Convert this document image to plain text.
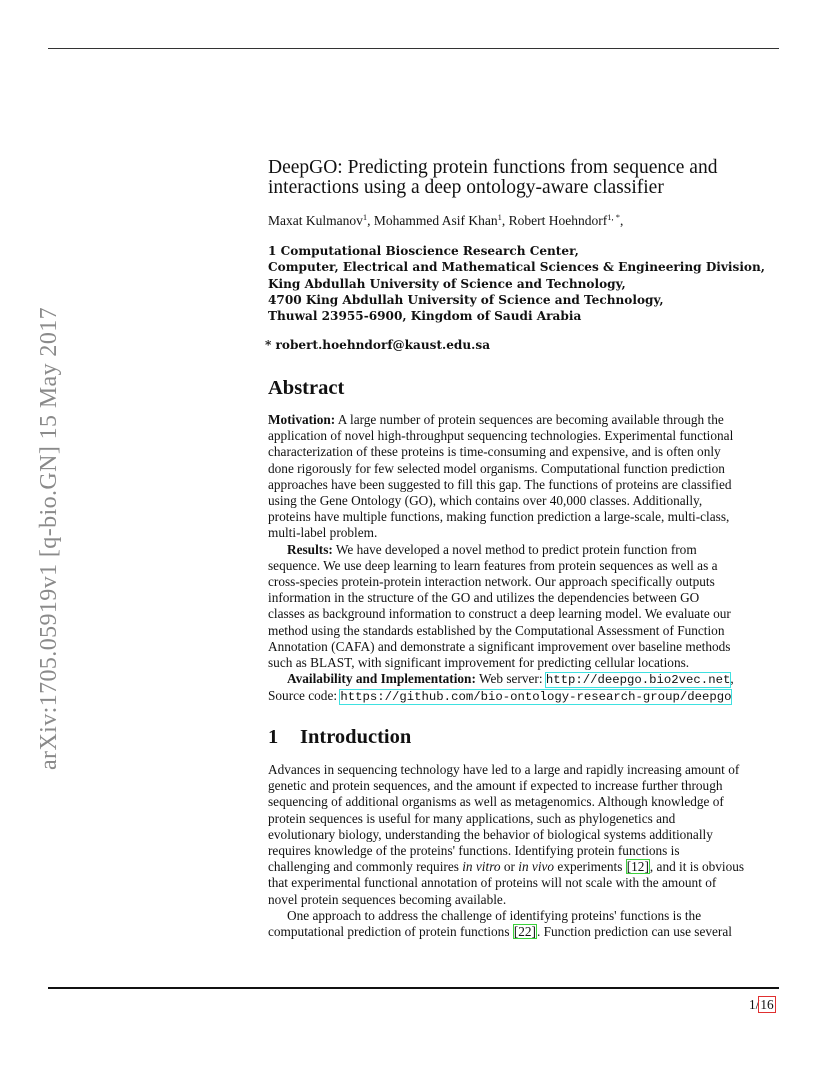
arXiv:1705.05919v1 [q-bio.GN] 15 May 2017
DeepGO: Predicting protein functions from sequence and
interactions using a deep ontology-aware classifier
Maxat Kulmanov$^1$, Mohammed Asif Khan$^1$, Robert Hoehndorf$^{1, *}$,
1 Computational Bioscience Research Center,
Computer, Electrical and Mathematical Sciences & Engineering Division,
King Abdullah University of Science and Technology,
4700 King Abdullah University of Science and Technology,
Thuwal 23955-6900, Kingdom of Saudi Arabia
* robert.hoehndorf@kaust.edu.sa
Abstract
Motivation: A large number of protein sequences are becoming available through the
application of novel high-throughput sequencing technologies. Experimental functional
characterization of these proteins is time-consuming and expensive, and is often only
done rigorously for few selected model organisms. Computational function prediction
approaches have been suggested to fill this gap. The functions of proteins are classified
using the Gene Ontology (GO), which contains over 40,000 classes. Additionally,
proteins have multiple functions, making function prediction a large-scale, multi-class,
multi-label problem.
Results: We have developed a novel method to predict protein function from
sequence. We use deep learning to learn features from protein sequences as well as a
cross-species protein-protein interaction network. Our approach specifically outputs
information in the structure of the GO and utilizes the dependencies between GO
classes as background information to construct a deep learning model. We evaluate our
method using the standards established by the Computational Assessment of Function
Annotation (CAFA) and demonstrate a significant improvement over baseline methods
such as BLAST, with significant improvement for predicting cellular locations.
Availability and Implementation: Web server: http://deepgo.bio2vec.net,
Source code: https://github.com/bio-ontology-research-group/deepgo
1 Introduction
Advances in sequencing technology have led to a large and rapidly increasing amount of
genetic and protein sequences, and the amount if expected to increase further through
sequencing of additional organisms as well as metagenomics. Although knowledge of
protein sequences is useful for many applications, such as phylogenetics and
evolutionary biology, understanding the behavior of biological systems additionally
requires knowledge of the proteins' functions. Identifying protein functions is
challenging and commonly requires in vitro or in vivo experiments [12], and it is obvious
that experimental functional annotation of proteins will not scale with the amount of
novel protein sequences becoming available.
One approach to address the challenge of identifying proteins' functions is the
computational prediction of protein functions [22]. Function prediction can use several
1/16
